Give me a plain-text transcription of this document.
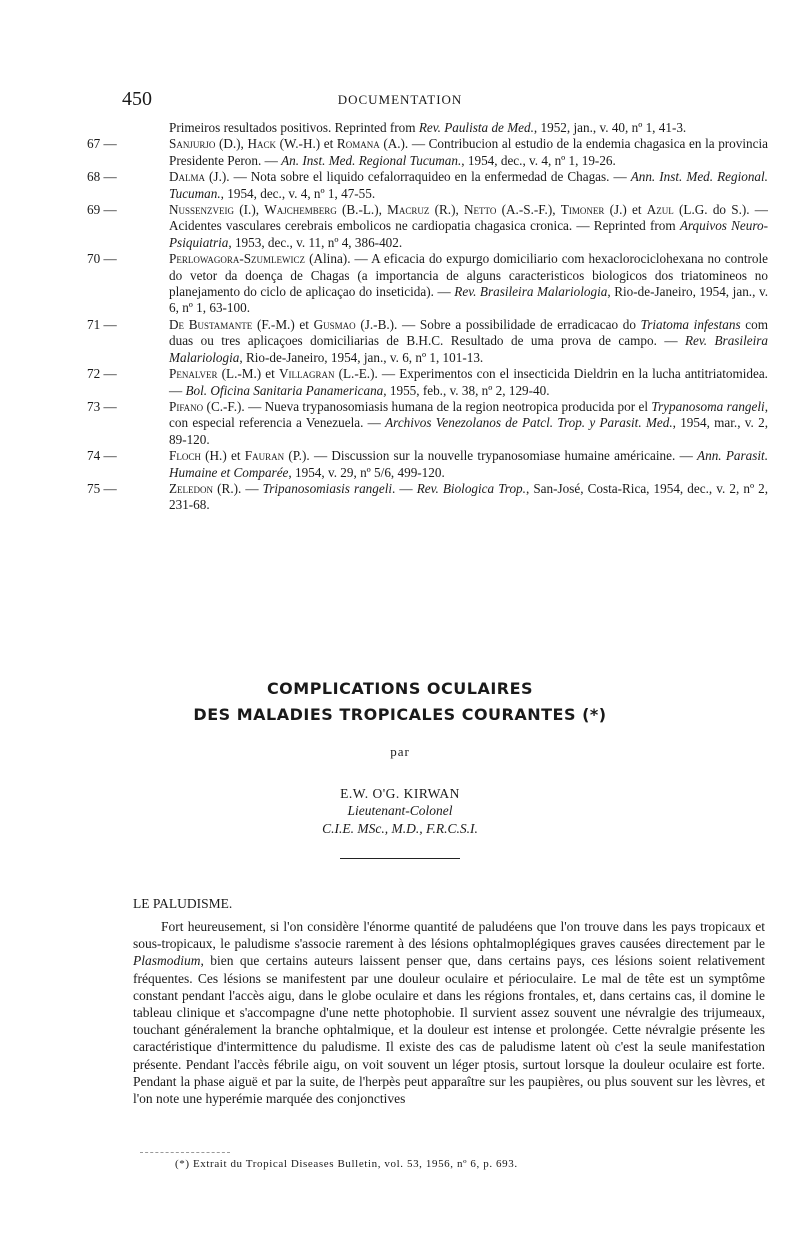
450	DOCUMENTATION
Primeiros resultados positivos. Reprinted from Rev. Paulista de Med., 1952, jan., v. 40, nº 1, 41-3.
67 —	Sanjurjo (D.), Hack (W.-H.) et Romana (A.). — Contribucion al estudio de la endemia chagasica en la provincia Presidente Peron. — An. Inst. Med. Regional Tucuman., 1954, dec., v. 4, nº 1, 19-26.
68 —	Dalma (J.). — Nota sobre el liquido cefalorraquideo en la enfermedad de Chagas. — Ann. Inst. Med. Regional. Tucuman., 1954, dec., v. 4, nº 1, 47-55.
69 —	Nussenzveig (I.), Wajchemberg (B.-L.), Macruz (R.), Netto (A.-S.-F.), Timoner (J.) et Azul (L.G. do S.). — Acidentes vasculares cerebrais embolicos ne cardiopatia chagasica cronica. — Reprinted from Arquivos Neuro-Psiquiatria, 1953, dec., v. 11, nº 4, 386-402.
70 —	Perlowagora-Szumlewicz (Alina). — A eficacia do expurgo domiciliario com hexaclorociclohexana no controle do vetor da doença de Chagas (a importancia de alguns caracteristicos biologicos dos triatomineos no planejamento do ciclo de aplicaçao do inseticida). — Rev. Brasileira Malariologia, Rio-de-Janeiro, 1954, jan., v. 6, nº 1, 63-100.
71 —	De Bustamante (F.-M.) et Gusmao (J.-B.). — Sobre a possibilidade de erradicacao do Triatoma infestans com duas ou tres aplicaçoes domiciliarias de B.H.C. Resultado de uma prova de campo. — Rev. Brasileira Malariologia, Rio-de-Janeiro, 1954, jan., v. 6, nº 1, 101-13.
72 —	Penalver (L.-M.) et Villagran (L.-E.). — Experimentos con el insecticida Dieldrin en la lucha antitriatomidea. — Bol. Oficina Sanitaria Panamericana, 1955, feb., v. 38, nº 2, 129-40.
73 —	Pifano (C.-F.). — Nueva trypanosomiasis humana de la region neotropica producida por el Trypanosoma rangeli, con especial referencia a Venezuela. — Archivos Venezolanos de Patcl. Trop. y Parasit. Med., 1954, mar., v. 2, 89-120.
74 —	Floch (H.) et Fauran (P.). — Discussion sur la nouvelle trypanosomiase humaine américaine. — Ann. Parasit. Humaine et Comparée, 1954, v. 29, nº 5/6, 499-120.
75 —	Zeledon (R.). — Tripanosomiasis rangeli. — Rev. Biologica Trop., San-José, Costa-Rica, 1954, dec., v. 2, nº 2, 231-68.
COMPLICATIONS OCULAIRES
DES MALADIES TROPICALES COURANTES (*)
par
E.W. O'G. KIRWAN
Lieutenant-Colonel
C.I.E. MSc., M.D., F.R.C.S.I.
LE PALUDISME.

Fort heureusement, si l'on considère l'énorme quantité de paludéens que l'on trouve dans les pays tropicaux et sous-tropicaux, le paludisme s'associe rarement à des lésions ophtalmoplégiques graves causées directement par le Plasmodium, bien que certains auteurs laissent penser que, dans certains pays, ces lésions soient relativement fréquentes. Ces lésions se manifestent par une douleur oculaire et périoculaire. Le mal de tête est un symptôme constant pendant l'accès aigu, dans le globe oculaire et dans les régions frontales, et, dans certains cas, il domine le tableau clinique et s'accompagne d'une nette photophobie. Il survient assez souvent une névralgie des trijumeaux, touchant généralement la branche ophtalmique, et la douleur est intense et prolongée. Cette névralgie présente les caractéristique d'intermittence du paludisme. Il existe des cas de paludisme latent où c'est la seule manifestation présente. Pendant l'accès fébrile aigu, on voit souvent un léger ptosis, surtout lorsque la douleur oculaire est forte. Pendant la phase aiguë et par la suite, de l'herpès peut apparaître sur les paupières, ou plus souvent sur les lèvres, et l'on note une hyperémie marquée des conjonctives

(*) Extrait du Tropical Diseases Bulletin, vol. 53, 1956, nº 6, p. 693.
